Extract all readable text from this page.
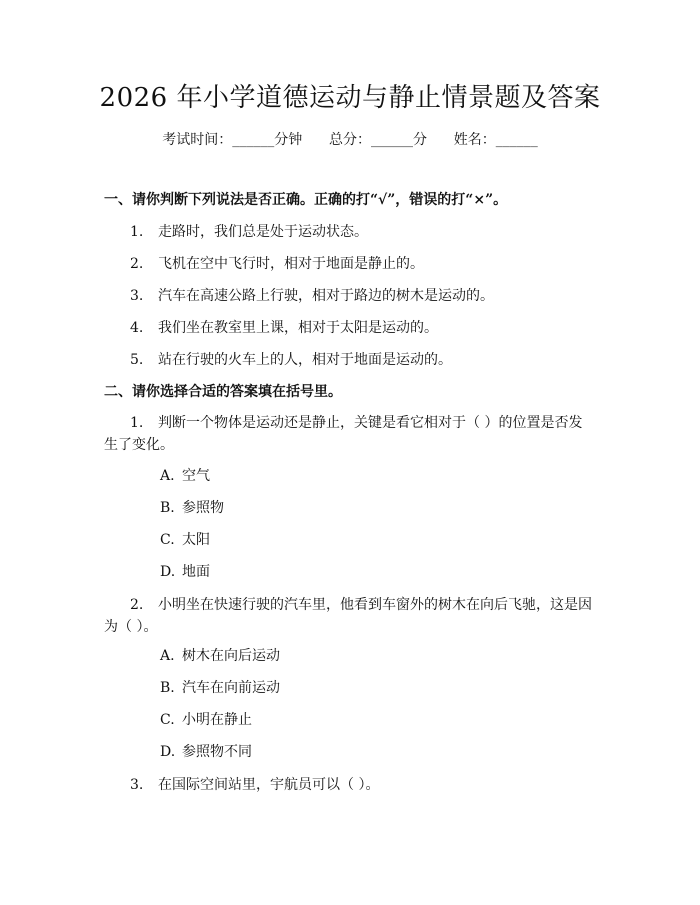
2026 年小学道德运动与静止情景题及答案
考试时间：______分钟 总分：______分 姓名：______
一、请你判断下列说法是否正确。正确的打“√”，错误的打“×”。
1. 走路时，我们总是处于运动状态。
2. 飞机在空中飞行时，相对于地面是静止的。
3. 汽车在高速公路上行驶，相对于路边的树木是运动的。
4. 我们坐在教室里上课，相对于太阳是运动的。
5. 站在行驶的火车上的人，相对于地面是运动的。
二、请你选择合适的答案填在括号里。
1. 判断一个物体是运动还是静止，关键是看它相对于（ ）的位置是否发生了变化。
A. 空气
B. 参照物
C. 太阳
D. 地面
2. 小明坐在快速行驶的汽车里，他看到车窗外的树木在向后飞驰，这是因为（ ）。
A. 树木在向后运动
B. 汽车在向前运动
C. 小明在静止
D. 参照物不同
3. 在国际空间站里，宇航员可以（ ）。
